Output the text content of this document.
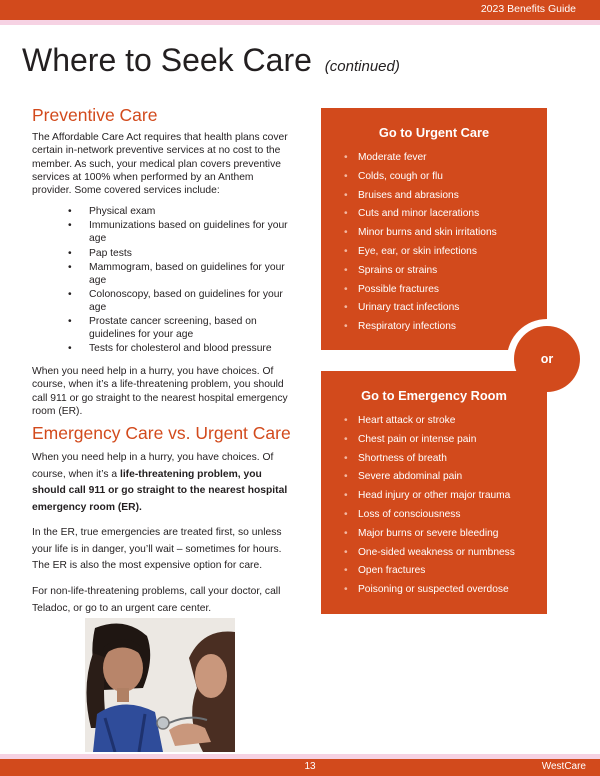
2023 Benefits Guide
Where to Seek Care (continued)
Preventive Care
The Affordable Care Act requires that health plans cover certain in-network preventive services at no cost to the member. As such, your medical plan covers preventive services at 100% when performed by an Anthem provider. Some covered services include:
• Physical exam
• Immunizations based on guidelines for your age
• Pap tests
• Mammogram, based on guidelines for your age
• Colonoscopy, based on guidelines for your age
• Prostate cancer screening, based on guidelines for your age
• Tests for cholesterol and blood pressure
When you need help in a hurry, you have choices. Of course, when it’s a life-threatening problem, you should call 911 or go straight to the nearest hospital emergency room (ER).
Emergency Care vs. Urgent Care
When you need help in a hurry, you have choices. Of course, when it’s a life-threatening problem, you should call 911 or go straight to the nearest hospital emergency room (ER).
In the ER, true emergencies are treated first, so unless your life is in danger, you’ll wait – sometimes for hours. The ER is also the most expensive option for care.
For non-life-threatening problems, call your doctor, call Teladoc, or go to an urgent care center.
Go to Urgent Care
• Moderate fever
• Colds, cough or flu
• Bruises and abrasions
• Cuts and minor lacerations
• Minor burns and skin irritations
• Eye, ear, or skin infections
• Sprains or strains
• Possible fractures
• Urinary tract infections
• Respiratory infections
or
Go to Emergency Room
• Heart attack or stroke
• Chest pain or intense pain
• Shortness of breath
• Severe abdominal pain
• Head injury or other major trauma
• Loss of consciousness
• Major burns or severe bleeding
• One-sided weakness or numbness
• Open fractures
• Poisoning or suspected overdose
13	WestCare
